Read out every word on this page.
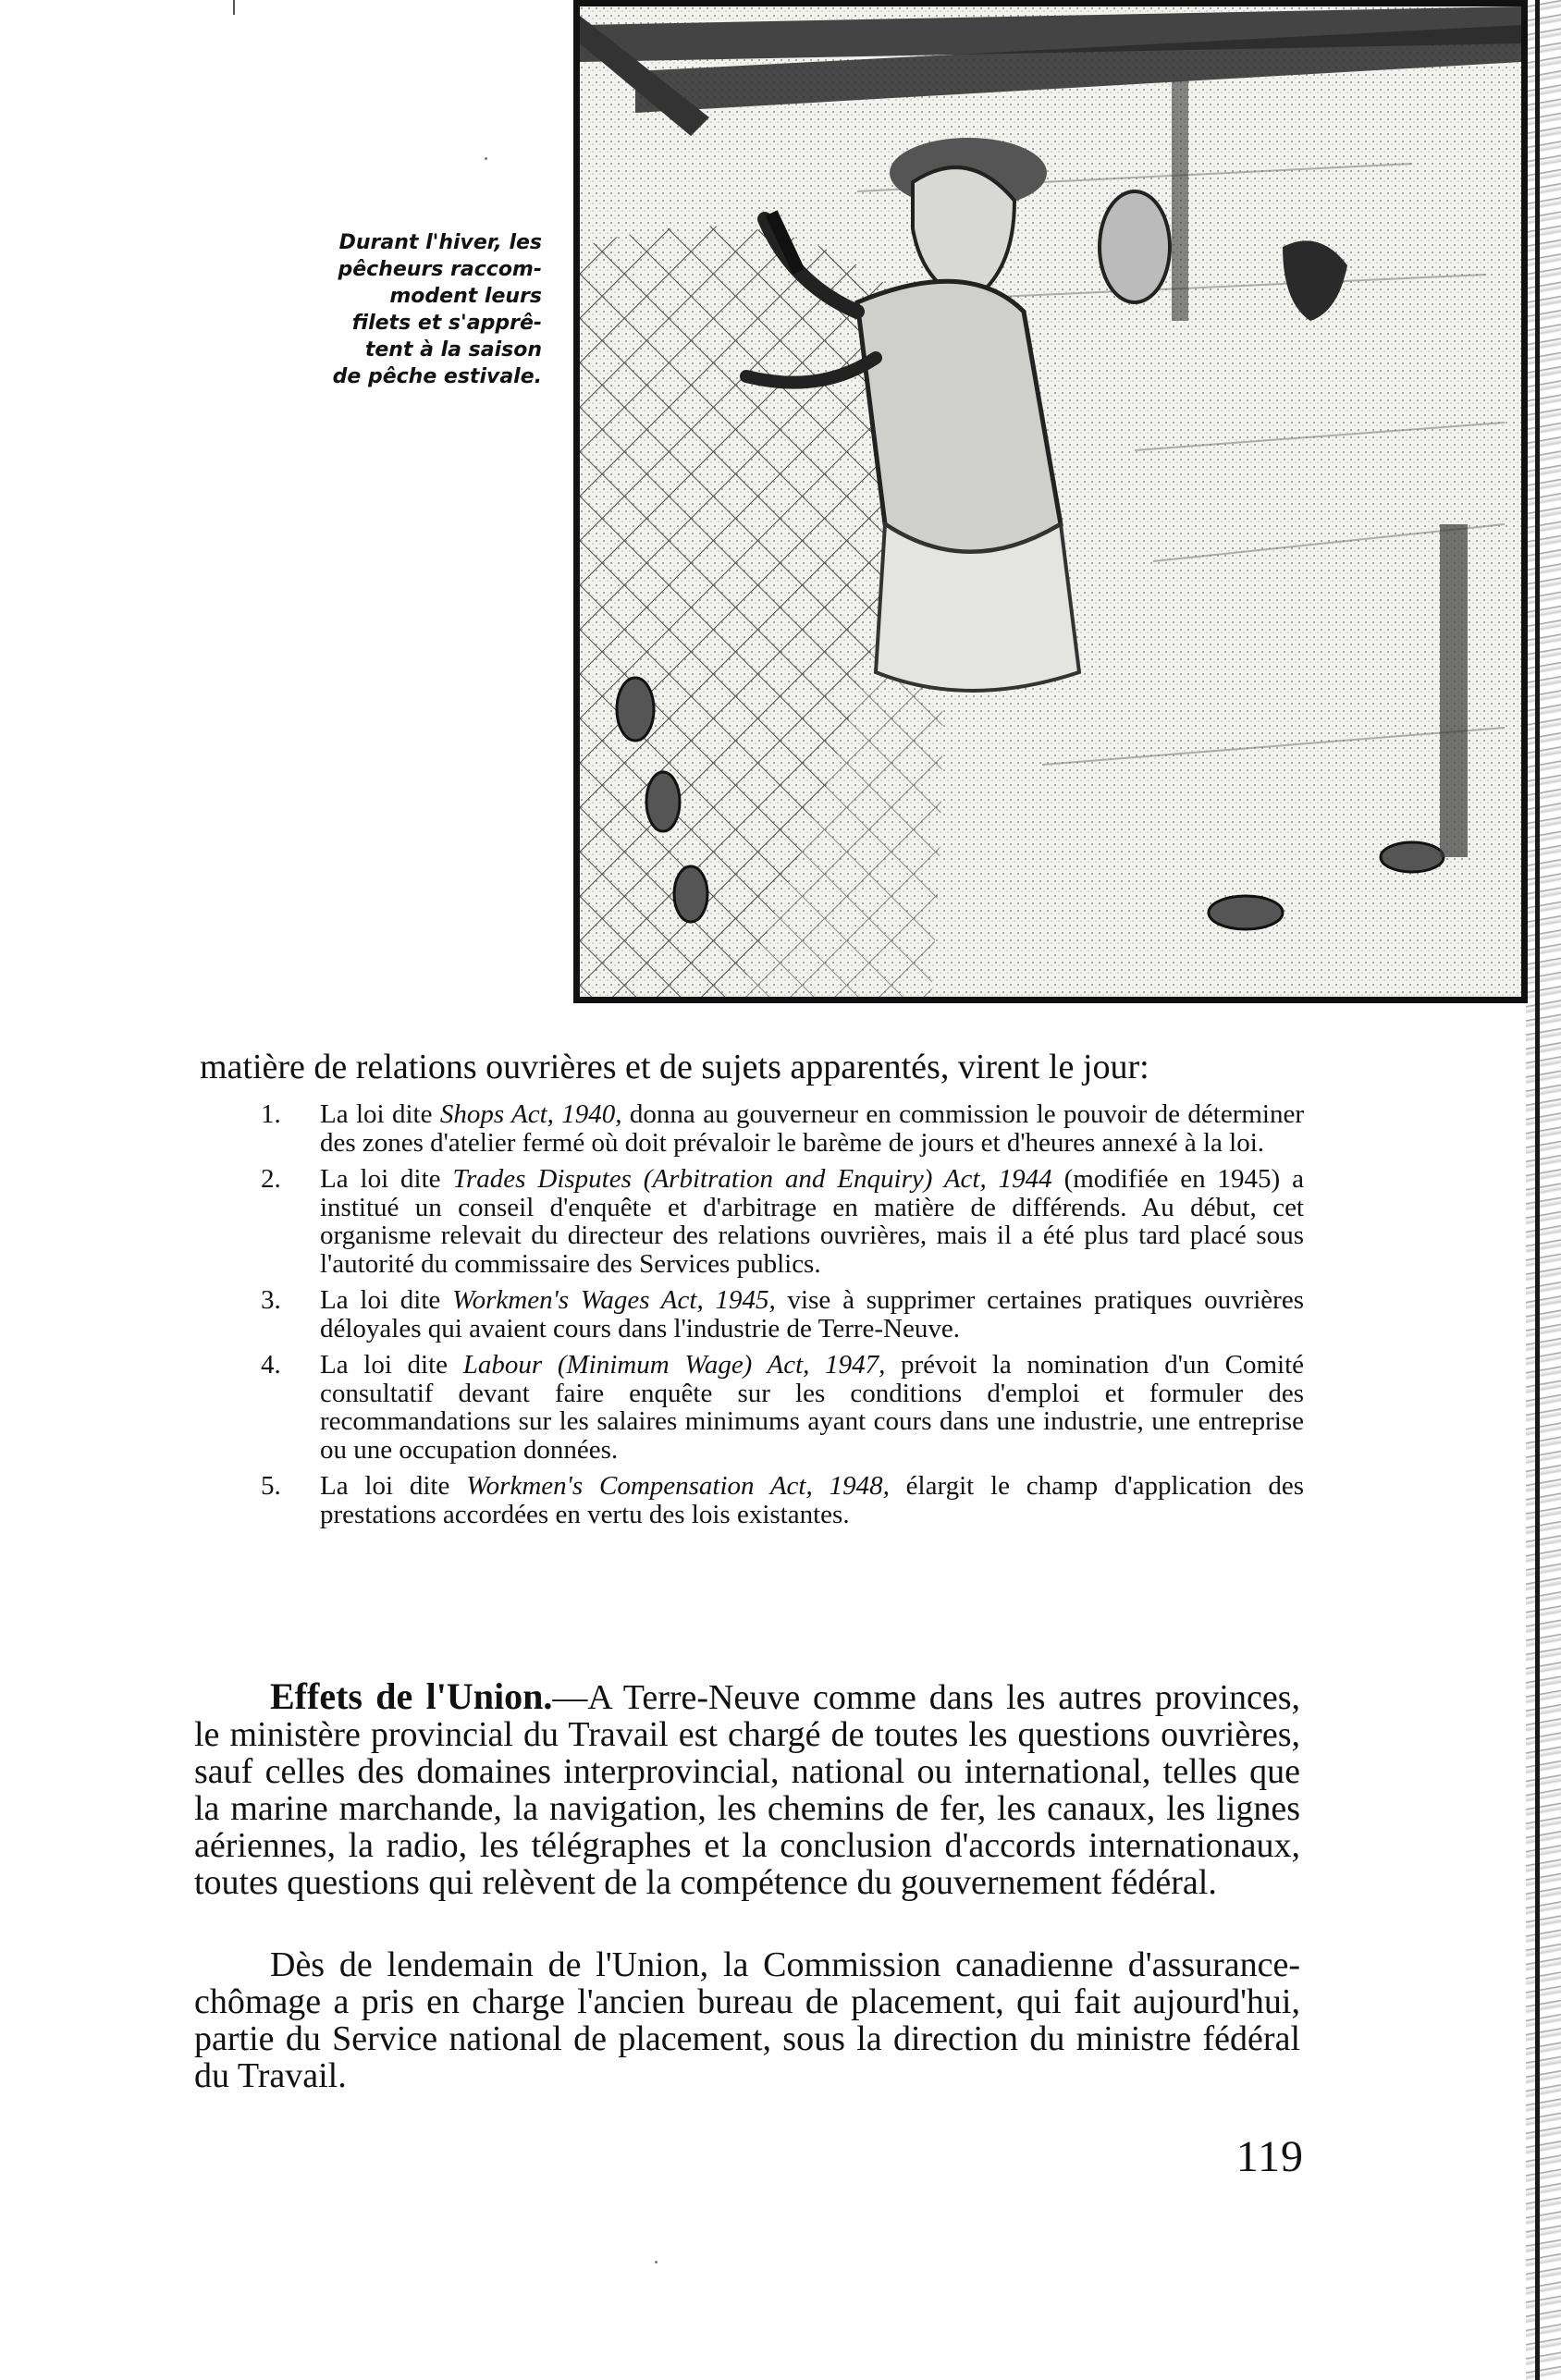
Durant l'hiver, les
pêcheurs raccom-
modent leurs
filets et s'apprê-
tent à la saison
de pêche estivale.
matière de relations ouvrières et de sujets apparentés, virent le jour:
1.	La loi dite Shops Act, 1940, donna au gouverneur en commission le pouvoir de déterminer des zones d'atelier fermé où doit prévaloir le barème de jours et d'heures annexé à la loi.
2.	La loi dite Trades Disputes (Arbitration and Enquiry) Act, 1944 (modifiée en 1945) a institué un conseil d'enquête et d'arbitrage en matière de différends. Au début, cet organisme relevait du directeur des relations ouvrières, mais il a été plus tard placé sous l'autorité du commissaire des Services publics.
3.	La loi dite Workmen's Wages Act, 1945, vise à supprimer certaines pratiques ouvrières déloyales qui avaient cours dans l'industrie de Terre-Neuve.
4.	La loi dite Labour (Minimum Wage) Act, 1947, prévoit la nomination d'un Comité consultatif devant faire enquête sur les conditions d'emploi et formuler des recommandations sur les salaires minimums ayant cours dans une industrie, une entreprise ou une occupation données.
5.	La loi dite Workmen's Compensation Act, 1948, élargit le champ d'application des prestations accordées en vertu des lois existantes.

Effets de l'Union.—A Terre-Neuve comme dans les autres provinces, le ministère provincial du Travail est chargé de toutes les questions ouvrières, sauf celles des domaines interprovincial, national ou international, telles que la marine marchande, la navigation, les chemins de fer, les canaux, les lignes aériennes, la radio, les télégraphes et la conclusion d'accords internationaux, toutes questions qui relèvent de la compétence du gouvernement fédéral.

Dès de lendemain de l'Union, la Commission canadienne d'assurance-chômage a pris en charge l'ancien bureau de placement, qui fait aujourd'hui, partie du Service national de placement, sous la direction du ministre fédéral du Travail.

119
